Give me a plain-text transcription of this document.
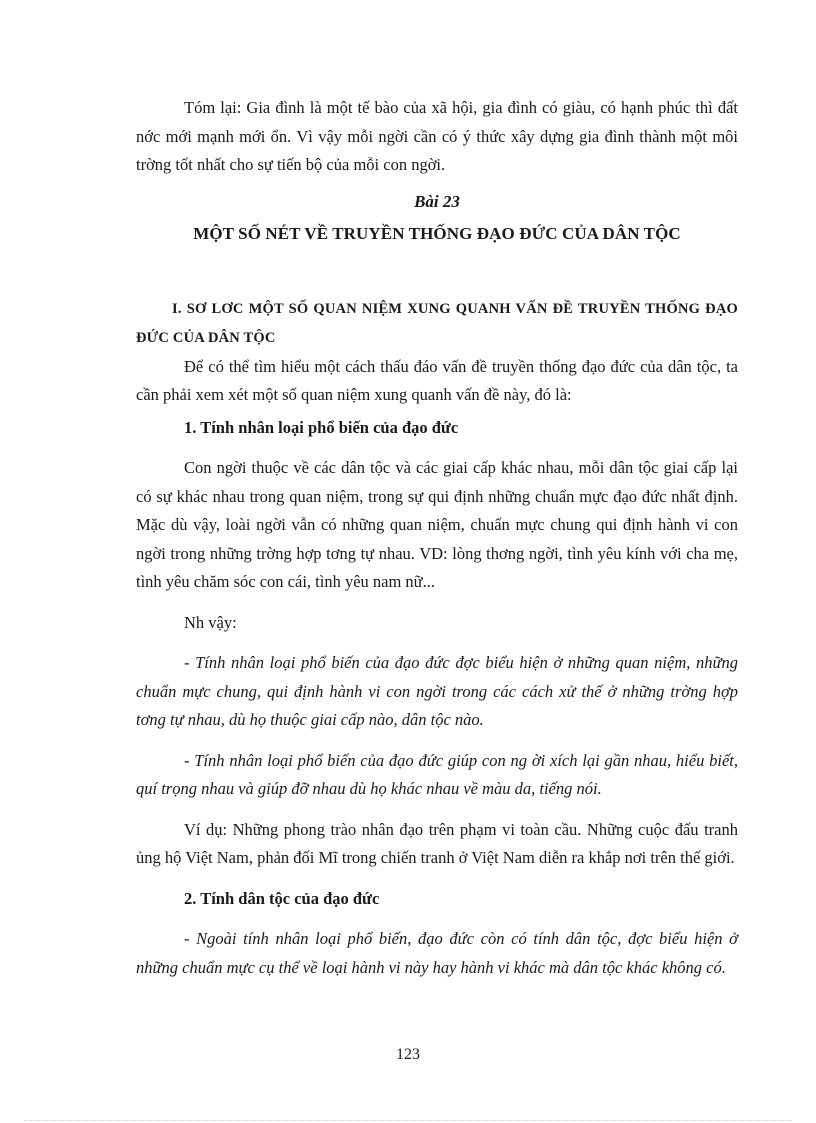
Tóm lại: Gia đình là một tế bào của xã hội, gia đình có giàu, có hạnh phúc thì đất nớc mới mạnh mới ổn. Vì vậy mỗi ngời cần có ý thức xây dựng gia đình thành một môi trờng tốt nhất cho sự tiến bộ của mỗi con ngời.

Bài 23

MỘT SỐ NÉT VỀ TRUYỀN THỐNG ĐẠO ĐỨC CỦA DÂN TỘC

I. SƠ LƠC MỘT SỐ QUAN NIỆM XUNG QUANH VẤN ĐỀ TRUYỀN THỐNG ĐẠO ĐỨC CỦA DÂN TỘC

Để có thể tìm hiểu một cách thấu đáo vấn đề truyền thống đạo đức của dân tộc, ta cần phải xem xét một số quan niệm xung quanh vấn đề này, đó là:

1. Tính nhân loại phổ biến của đạo đức

Con ngời thuộc về các dân tộc và các giai cấp khác nhau, mỗi dân tộc giai cấp lại có sự khác nhau trong quan niệm, trong sự qui định những chuẩn mực đạo đức nhất định. Mặc dù vậy, loài ngời vẫn có những quan niệm, chuẩn mực chung qui định hành vi con ngời trong những trờng hợp tơng tự nhau. VD: lòng thơng ngời, tình yêu kính với cha mẹ, tình yêu chăm sóc con cái, tình yêu nam nữ...

Nh vậy:

- Tính nhân loại phổ biến của đạo đức đợc biểu hiện ở những quan niệm, những chuẩn mực chung, qui định hành vi con ngời trong các cách xử thế ở những trờng hợp tơng tự nhau, dù họ thuộc giai cấp nào, dân tộc nào.

- Tính nhân loại phổ biến của đạo đức giúp con ng ời xích lại gần nhau, hiểu biết, quí trọng nhau và giúp đỡ nhau dù họ khác nhau về màu da, tiếng nói.

Ví dụ: Những phong trào nhân đạo trên phạm vi toàn cầu. Những cuộc đấu tranh ủng hộ Việt Nam, phản đối Mĩ trong chiến tranh ở Việt Nam diễn ra khắp nơi trên thế giới.

2. Tính dân tộc của đạo đức

- Ngoài tính nhân loại phổ biến, đạo đức còn có tính dân tộc, đợc biểu hiện ở những chuẩn mực cụ thể về loại hành vi này hay hành vi khác mà dân tộc khác không có.

123
